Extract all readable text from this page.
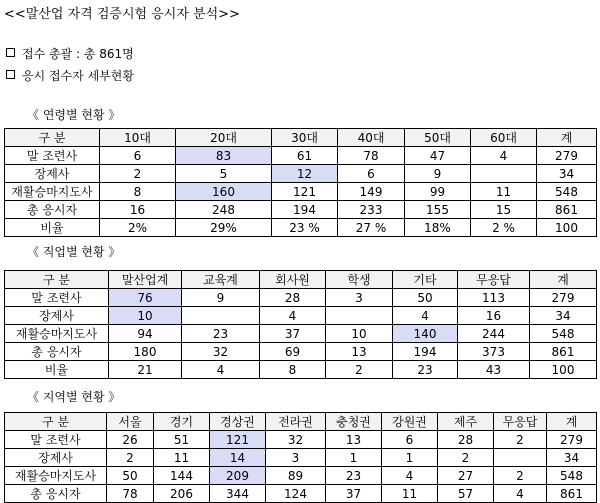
<<말산업 자격 검증시험 응시자 분석>>
접수 총괄 : 총 861명
응시 접수자 세부현황
《 연령별 현황 》
구 분	10대	20대	30대	40대	50대	60대	계
말 조련사	6	83	61	78	47	4	279
장제사	2	5	12	6	9		34
재활승마지도사	8	160	121	149	99	11	548
총 응시자	16	248	194	233	155	15	861
비율	2%	29%	23 %	27 %	18%	2 %	100
《 직업별 현황 》
구 분	말산업계	교육계	회사원	학생	기타	무응답	계
말 조련사	76	9	28	3	50	113	279
장제사	10		4		4	16	34
재활승마지도사	94	23	37	10	140	244	548
총 응시자	180	32	69	13	194	373	861
비율	21	4	8	2	23	43	100
《 지역별 현황 》
구 분	서울	경기	경상권	전라권	충청권	강원권	제주	무응답	계
말 조련사	26	51	121	32	13	6	28	2	279
장제사	2	11	14	3	1	1	2		34
재활승마지도사	50	144	209	89	23	4	27	2	548
총 응시자	78	206	344	124	37	11	57	4	861
